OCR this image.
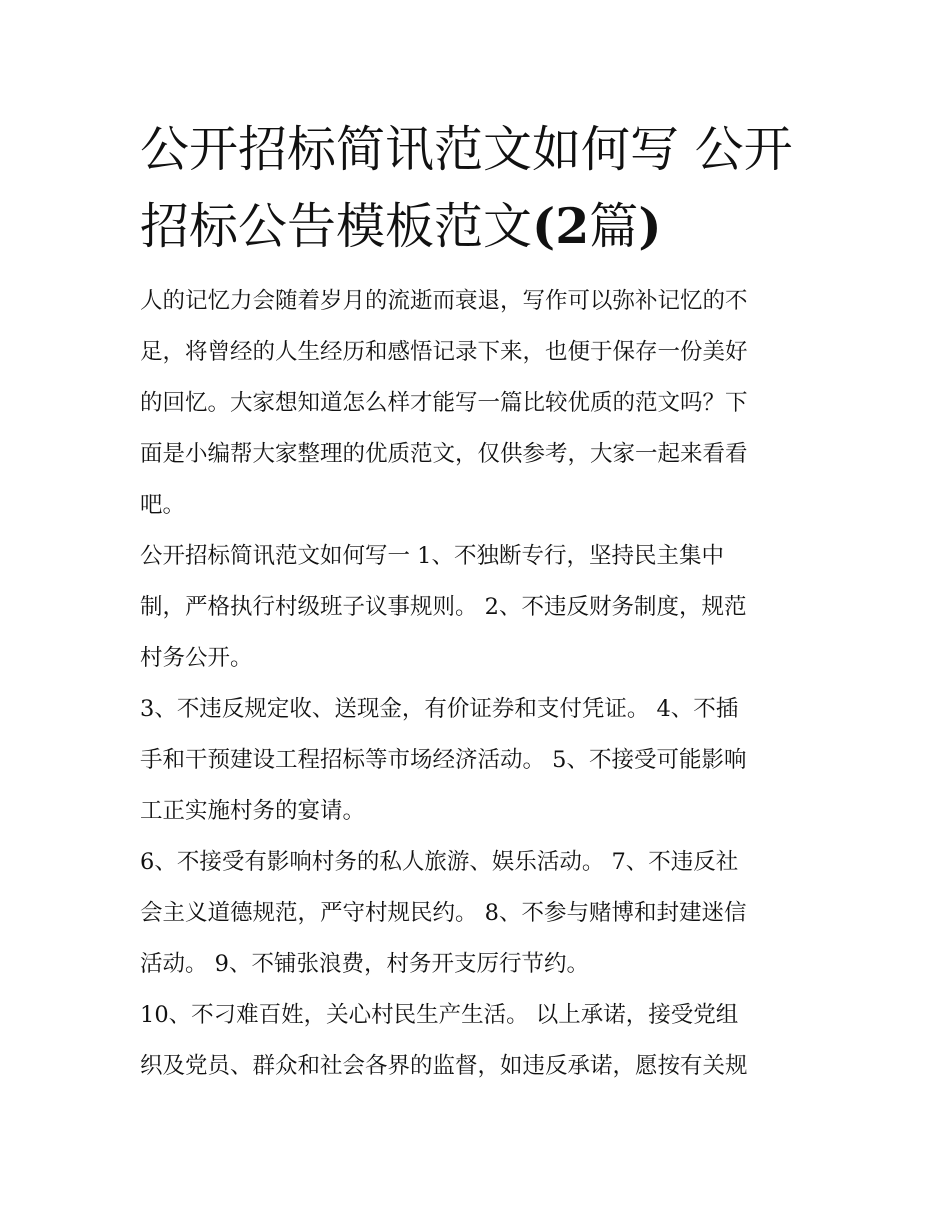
公开招标简讯范文如何写 公开
招标公告模板范文(2篇)

人的记忆力会随着岁月的流逝而衰退，写作可以弥补记忆的不
足，将曾经的人生经历和感悟记录下来，也便于保存一份美好
的回忆。大家想知道怎么样才能写一篇比较优质的范文吗？下
面是小编帮大家整理的优质范文，仅供参考，大家一起来看看
吧。

公开招标简讯范文如何写一 1、不独断专行，坚持民主集中
制，严格执行村级班子议事规则。 2、不违反财务制度，规范
村务公开。

3、不违反规定收、送现金，有价证券和支付凭证。 4、不插
手和干预建设工程招标等市场经济活动。 5、不接受可能影响
工正实施村务的宴请。

6、不接受有影响村务的私人旅游、娱乐活动。 7、不违反社
会主义道德规范，严守村规民约。 8、不参与赌博和封建迷信
活动。 9、不铺张浪费，村务开支厉行节约。

10、不刁难百姓，关心村民生产生活。 以上承诺，接受党组
织及党员、群众和社会各界的监督，如违反承诺，愿按有关规
